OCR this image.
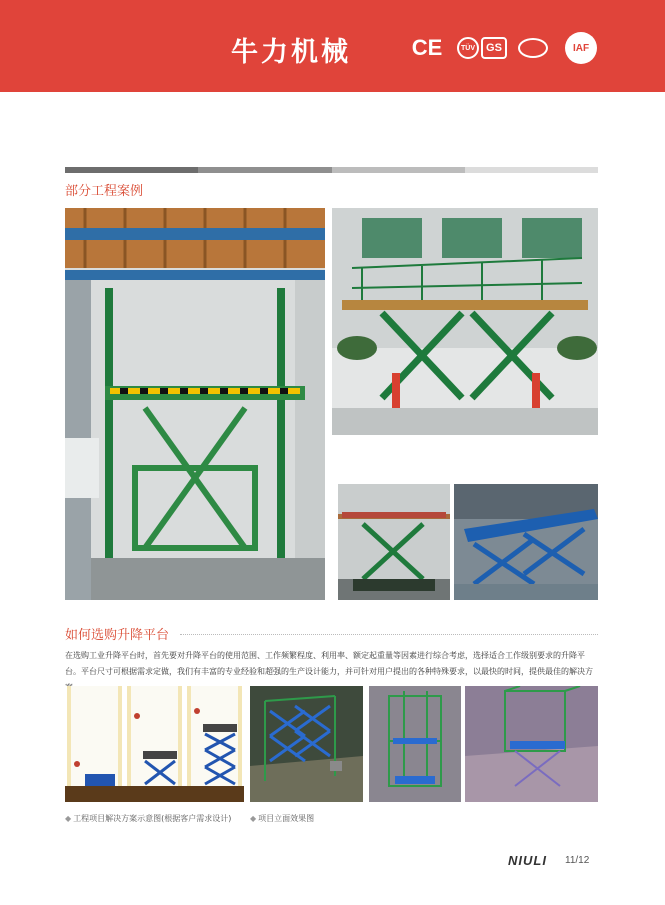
牛力机械	CE	TÜV	GS	IAF
部分工程案例
如何选购升降平台
在选购工业升降平台时，首先要对升降平台的使用范围、工作频繁程度、利用率、额定起重量等因素进行综合考虑，选择适合工作级别要求的升降平台。平台尺寸可根据需求定做，我们有丰富的专业经验和超强的生产设计能力，并可针对用户提出的各种特殊要求，以最快的时间，提供最佳的解决方
◆ 工程项目解决方案示意图(根据客户需求设计) ◆ 项目立面效果图
NIULI 11/12
